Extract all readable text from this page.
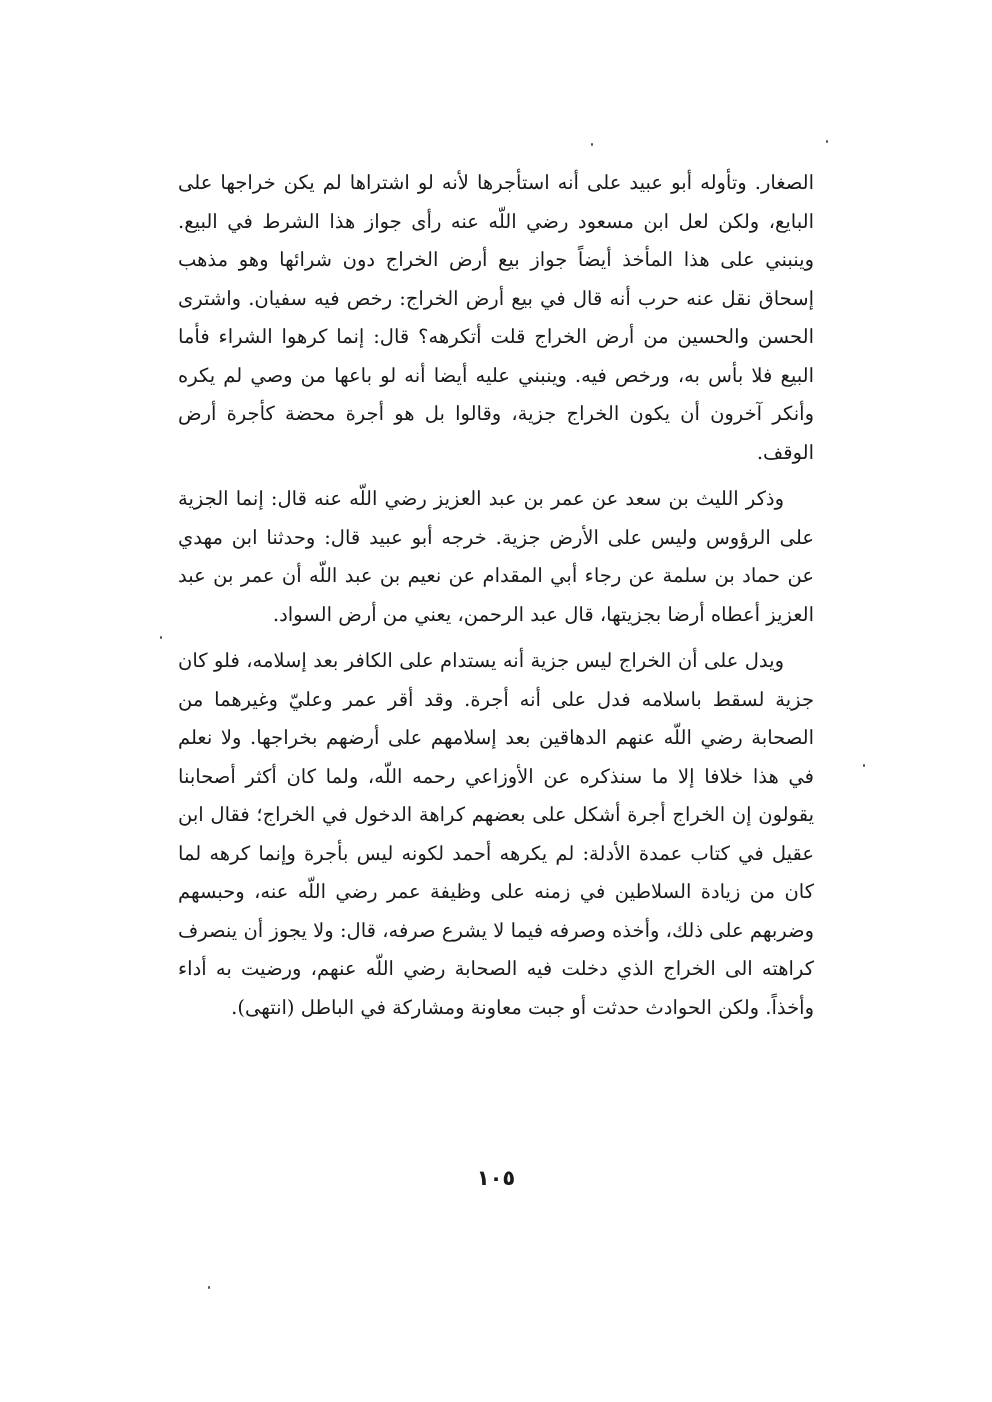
الصغار. وتأوله أبو عبيد على أنه استأجرها لأنه لو اشتراها لم يكن خراجها على البايع، ولكن لعل ابن مسعود رضي اللّه عنه رأى جواز هذا الشرط في البيع. وينبني على هذا المأخذ أيضاً جواز بيع أرض الخراج دون شرائها وهو مذهب إسحاق نقل عنه حرب أنه قال في بيع أرض الخراج: رخص فيه سفيان. واشترى الحسن والحسين من أرض الخراج قلت أتكرهه؟ قال: إنما كرهوا الشراء فأما البيع فلا بأس به، ورخص فيه. وينبني عليه أيضا أنه لو باعها من وصي لم يكره وأنكر آخرون أن يكون الخراج جزية، وقالوا بل هو أجرة محضة كأجرة أرض الوقف.

وذكر الليث بن سعد عن عمر بن عبد العزيز رضي اللّه عنه قال: إنما الجزية على الرؤوس وليس على الأرض جزية. خرجه أبو عبيد قال: وحدثنا ابن مهدي عن حماد بن سلمة عن رجاء أبي المقدام عن نعيم بن عبد اللّه أن عمر بن عبد العزيز أعطاه أرضا بجزيتها، قال عبد الرحمن، يعني من أرض السواد.

ويدل على أن الخراج ليس جزية أنه يستدام على الكافر بعد إسلامه، فلو كان جزية لسقط باسلامه فدل على أنه أجرة. وقد أقر عمر وعليّ وغيرهما من الصحابة رضي اللّه عنهم الدهاقين بعد إسلامهم على أرضهم بخراجها. ولا نعلم في هذا خلافا إلا ما سنذكره عن الأوزاعي رحمه اللّه، ولما كان أكثر أصحابنا يقولون إن الخراج أجرة أشكل على بعضهم كراهة الدخول في الخراج؛ فقال ابن عقيل في كتاب عمدة الأدلة: لم يكرهه أحمد لكونه ليس بأجرة وإنما كرهه لما كان من زيادة السلاطين في زمنه على وظيفة عمر رضي اللّه عنه، وحبسهم وضربهم على ذلك، وأخذه وصرفه فيما لا يشرع صرفه، قال: ولا يجوز أن ينصرف كراهته الى الخراج الذي دخلت فيه الصحابة رضي اللّه عنهم، ورضيت به أداء وأخذاً. ولكن الحوادث حدثت أو جبت معاونة ومشاركة في الباطل (انتهى).

١٠٥
